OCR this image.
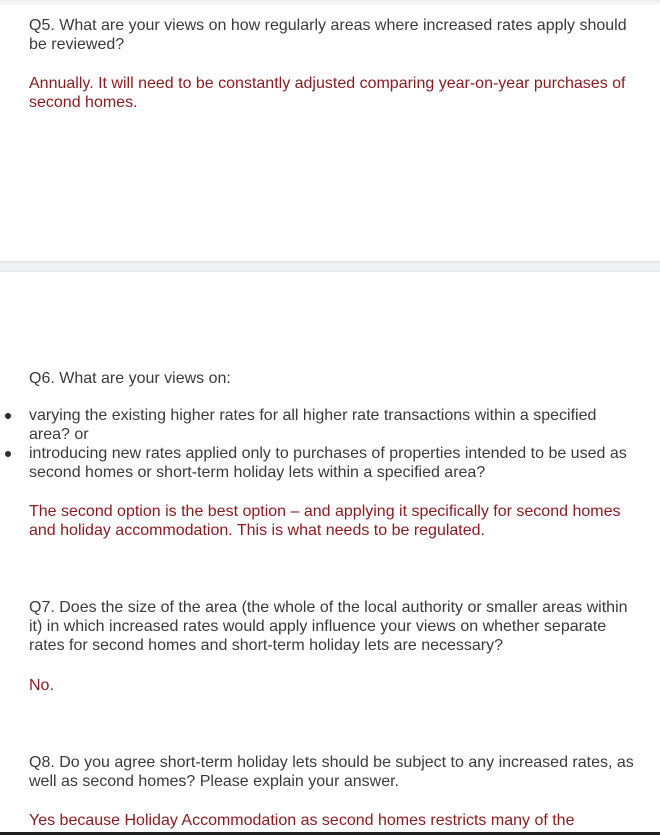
Q5. What are your views on how regularly areas where increased rates apply should be reviewed?
Annually. It will need to be constantly adjusted comparing year-on-year purchases of second homes.
Q6. What are your views on:
varying the existing higher rates for all higher rate transactions within a specified area? or
introducing new rates applied only to purchases of properties intended to be used as second homes or short-term holiday lets within a specified area?
The second option is the best option – and applying it specifically for second homes and holiday accommodation. This is what needs to be regulated.
Q7. Does the size of the area (the whole of the local authority or smaller areas within it) in which increased rates would apply influence your views on whether separate rates for second homes and short-term holiday lets are necessary?
No.
Q8. Do you agree short-term holiday lets should be subject to any increased rates, as well as second homes? Please explain your answer.
Yes because Holiday Accommodation as second homes restricts many of the
